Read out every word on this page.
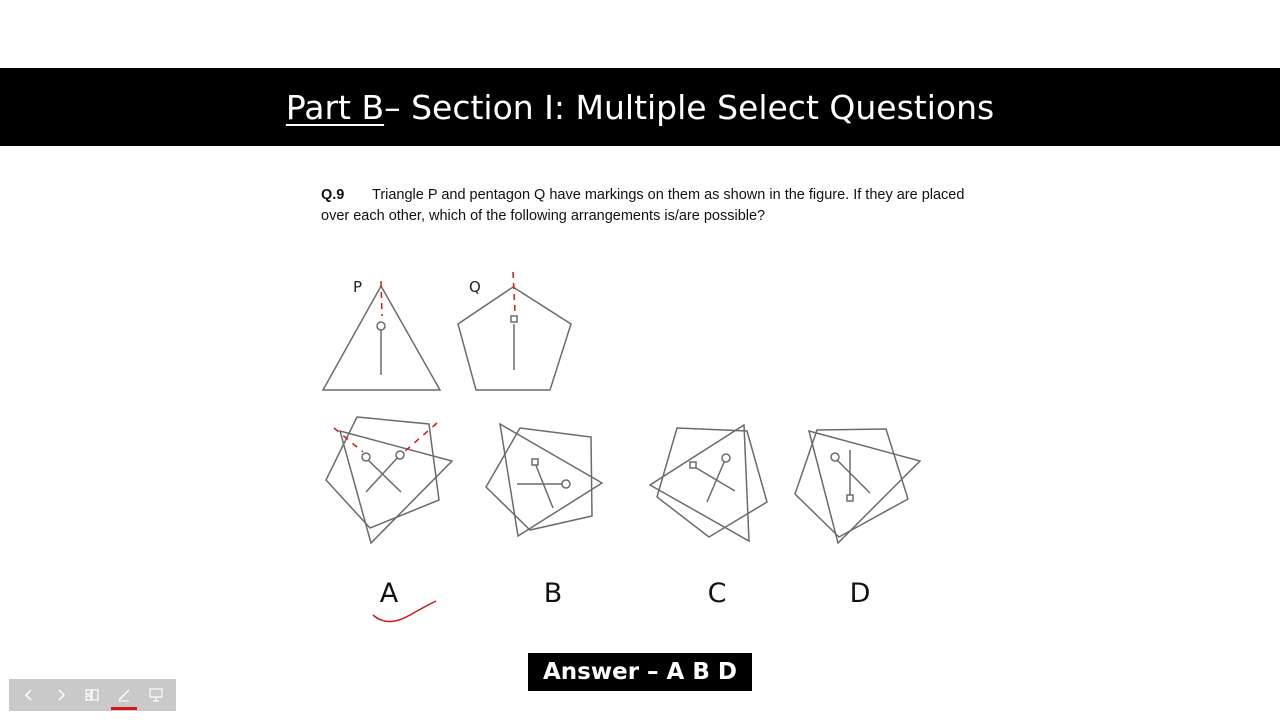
Part B – Section I: Multiple Select Questions
Q.9 Triangle P and pentagon Q have markings on them as shown in the figure. If they are placed over each other, which of the following arrangements is/are possible?
P	Q
A	B	C	D
Answer – A B D
